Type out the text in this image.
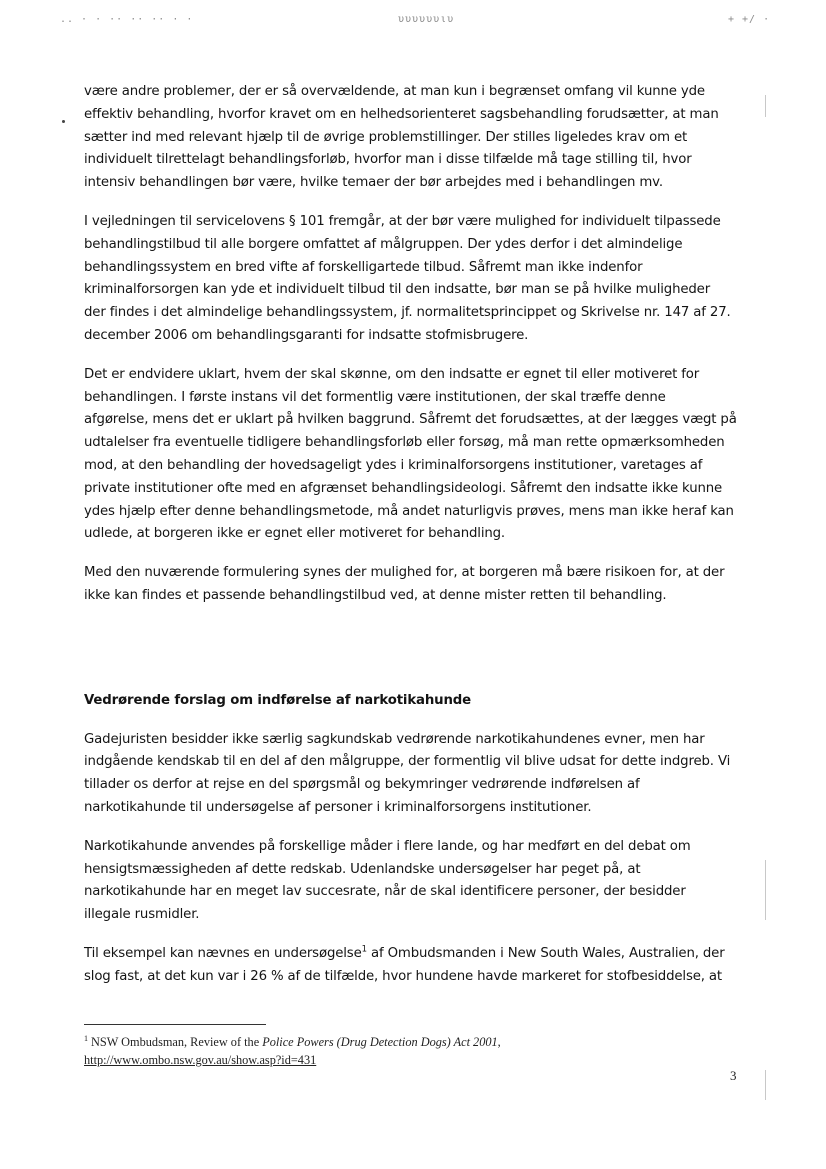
.. · · ·· ·· ·· · ·	υυυυυυιυ	+ +/ ·

være andre problemer, der er så overvældende, at man kun i begrænset omfang vil kunne yde

effektiv behandling, hvorfor kravet om en helhedsorienteret sagsbehandling forudsætter, at man

sætter ind med relevant hjælp til de øvrige problemstillinger. Der stilles ligeledes krav om et

individuelt tilrettelagt behandlingsforløb, hvorfor man i disse tilfælde må tage stilling til, hvor

intensiv behandlingen bør være, hvilke temaer der bør arbejdes med i behandlingen mv.

I vejledningen til servicelovens § 101 fremgår, at der bør være mulighed for individuelt tilpassede

behandlingstilbud til alle borgere omfattet af målgruppen. Der ydes derfor i det almindelige

behandlingssystem en bred vifte af forskelligartede tilbud. Såfremt man ikke indenfor

kriminalforsorgen kan yde et individuelt tilbud til den indsatte, bør man se på hvilke muligheder

der findes i det almindelige behandlingssystem, jf. normalitetsprincippet og Skrivelse nr. 147 af 27.

december 2006 om behandlingsgaranti for indsatte stofmisbrugere.

Det er endvidere uklart, hvem der skal skønne, om den indsatte er egnet til eller motiveret for

behandlingen. I første instans vil det formentlig være institutionen, der skal træffe denne

afgørelse, mens det er uklart på hvilken baggrund. Såfremt det forudsættes, at der lægges vægt på

udtalelser fra eventuelle tidligere behandlingsforløb eller forsøg, må man rette opmærksomheden

mod, at den behandling der hovedsageligt ydes i kriminalforsorgens institutioner, varetages af

private institutioner ofte med en afgrænset behandlingsideologi. Såfremt den indsatte ikke kunne

ydes hjælp efter denne behandlingsmetode, må andet naturligvis prøves, mens man ikke heraf kan

udlede, at borgeren ikke er egnet eller motiveret for behandling.

Med den nuværende formulering synes der mulighed for, at borgeren må bære risikoen for, at der

ikke kan findes et passende behandlingstilbud ved, at denne mister retten til behandling.

Vedrørende forslag om indførelse af narkotikahunde

Gadejuristen besidder ikke særlig sagkundskab vedrørende narkotikahundenes evner, men har

indgående kendskab til en del af den målgruppe, der formentlig vil blive udsat for dette indgreb. Vi

tillader os derfor at rejse en del spørgsmål og bekymringer vedrørende indførelsen af

narkotikahunde til undersøgelse af personer i kriminalforsorgens institutioner.

Narkotikahunde anvendes på forskellige måder i flere lande, og har medført en del debat om

hensigtsmæssigheden af dette redskab. Udenlandske undersøgelser har peget på, at

narkotikahunde har en meget lav succesrate, når de skal identificere personer, der besidder

illegale rusmidler.

Til eksempel kan nævnes en undersøgelse$^1$ af Ombudsmanden i New South Wales, Australien, der

slog fast, at det kun var i 26 % af de tilfælde, hvor hundene havde markeret for stofbesiddelse, at

$^1$ NSW Ombudsman, Review of the Police Powers (Drug Detection Dogs) Act 2001,
http://www.ombo.nsw.gov.au/show.asp?id=431
3
